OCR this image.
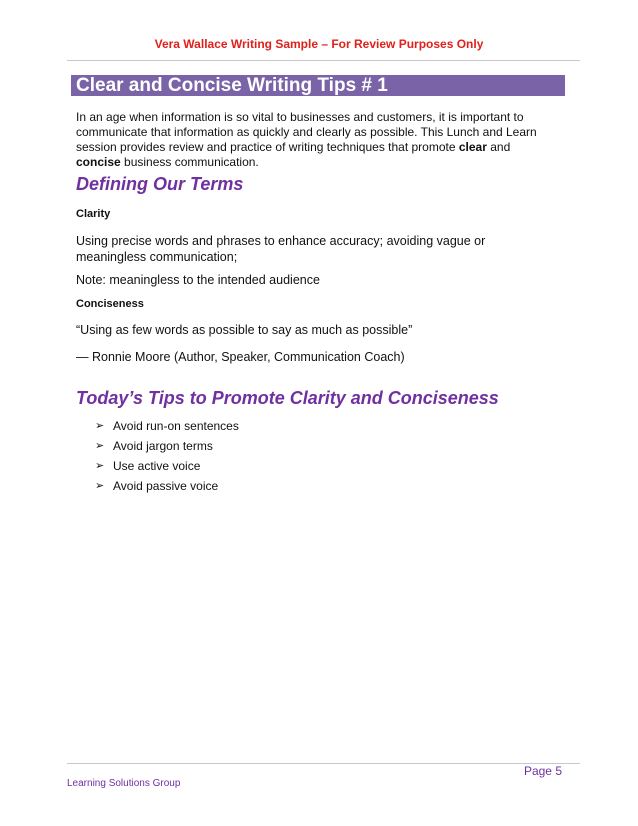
Vera Wallace Writing Sample – For Review Purposes Only
Clear and Concise Writing Tips # 1

In an age when information is so vital to businesses and customers, it is important to communicate that information as quickly and clearly as possible. This Lunch and Learn session provides review and practice of writing techniques that promote clear and concise business communication.

Defining Our Terms

Clarity

Using precise words and phrases to enhance accuracy; avoiding vague or meaningless communication;

Note: meaningless to the intended audience

Conciseness

“Using as few words as possible to say as much as possible”

— Ronnie Moore (Author, Speaker, Communication Coach)

Today’s Tips to Promote Clarity and Conciseness
➢ Avoid run-on sentences
➢ Avoid jargon terms
➢ Use active voice
➢ Avoid passive voice
Page 5
Learning Solutions Group
